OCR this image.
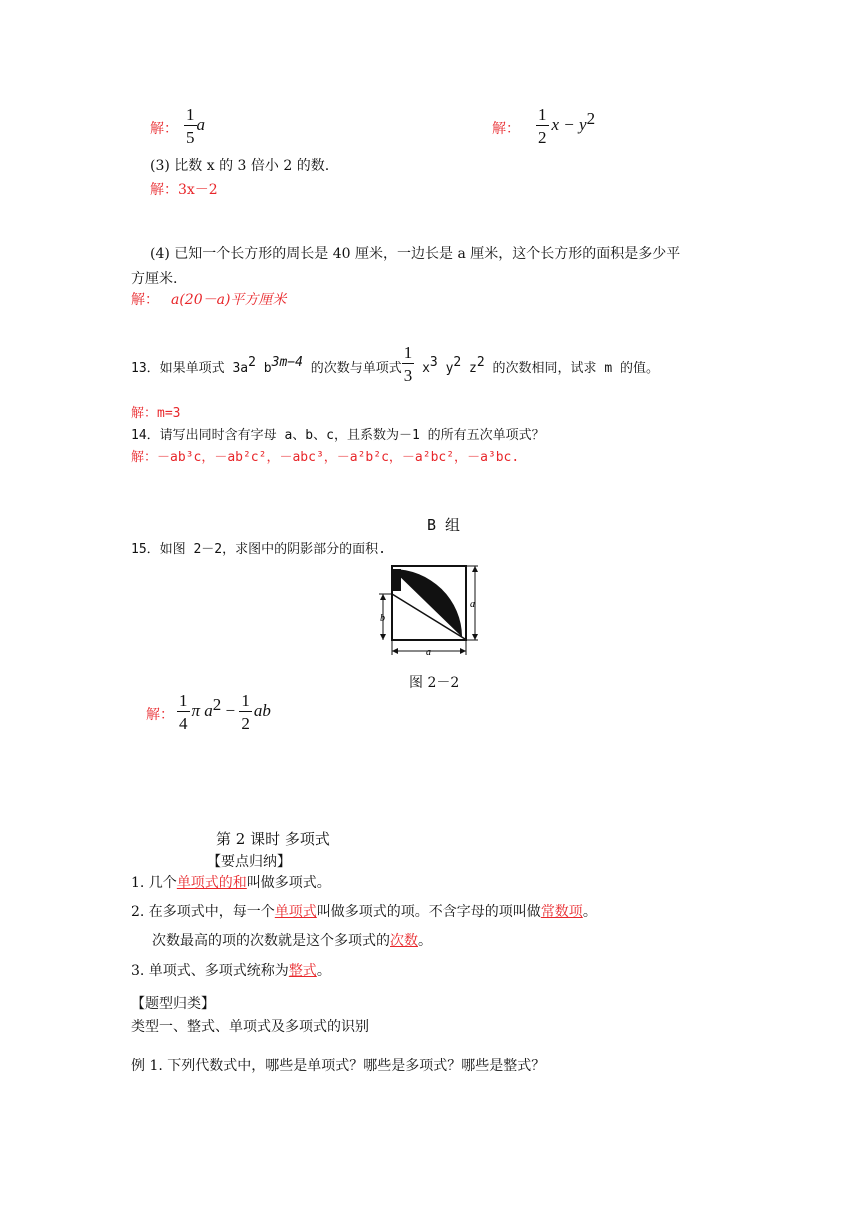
解： $\frac{1}{5}$ a	解： $\frac{1}{2}$ $x - y^2$
(3) 比数 x 的 3 倍小 2 的数.
解：3x－2
(4) 已知一个长方形的周长是 40 厘米，一边长是 a 厘米，这个长方形的面积是多少平
方厘米.
解： a(20－a)平方厘米
13．如果单项式 $3a^2$ $b^{3m-4}$ 的次数与单项式 $\frac{1}{3} x^3$ $y^2$ $z^2$ 的次数相同，试求 m 的值。
解：m=3
14．请写出同时含有字母 a、b、c，且系数为－1 的所有五次单项式？
解：－ab³c，－ab²c²，－abc³，－a²b²c，－a²bc²，－a³bc.
B 组
15．如图 2－2，求图中的阴影部分的面积.
a
b
a
图 2－2
解： $\frac{1}{4}$ π $a^2 - \frac{1}{2}$ ab
第 2 课时 多项式
【要点归纳】
1. 几个单项式的和叫做多项式。
2. 在多项式中，每一个单项式叫做多项式的项。不含字母的项叫做常数项。
次数最高的项的次数就是这个多项式的次数。
3. 单项式、多项式统称为整式。
【题型归类】
类型一、整式、单项式及多项式的识别
例 1. 下列代数式中，哪些是单项式？哪些是多项式？哪些是整式？
